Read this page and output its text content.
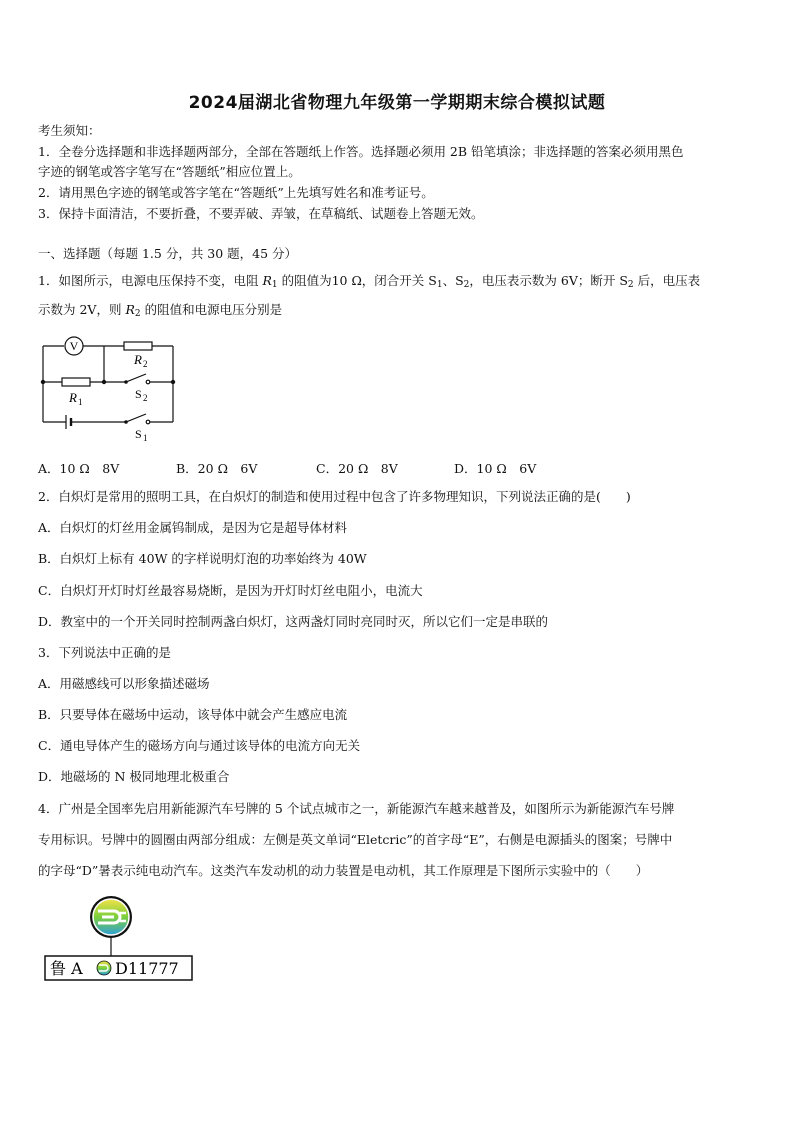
2024届湖北省物理九年级第一学期期末综合模拟试题
考生须知：
1．全卷分选择题和非选择题两部分，全部在答题纸上作答。选择题必须用 2B 铅笔填涂；非选择题的答案必须用黑色
字迹的钢笔或答字笔写在“答题纸”相应位置上。
2．请用黑色字迹的钢笔或答字笔在“答题纸”上先填写姓名和准考证号。
3．保持卡面清洁，不要折叠，不要弄破、弄皱，在草稿纸、试题卷上答题无效。
一、选择题（每题 1.5 分，共 30 题，45 分）
1．如图所示，电源电压保持不变，电阻 $R_1$ 的阻值为10 Ω，闭合开关 $S_1$、$S_2$，电压表示数为 6V；断开 $S_2$ 后，电压表
示数为 2V，则 $R_2$ 的阻值和电源电压分别是
V
R 2
R 1
S 2
S 1
A．10 Ω　8V	B．20 Ω　6V	C．20 Ω　8V	D．10 Ω　6V
2．白炽灯是常用的照明工具，在白炽灯的制造和使用过程中包含了许多物理知识，下列说法正确的是(　　)
A．白炽灯的灯丝用金属钨制成，是因为它是超导体材料
B．白炽灯上标有 40W 的字样说明灯泡的功率始终为 40W
C．白炽灯开灯时灯丝最容易烧断，是因为开灯时灯丝电阻小，电流大
D．教室中的一个开关同时控制两盏白炽灯，这两盏灯同时亮同时灭，所以它们一定是串联的
3．下列说法中正确的是
A．用磁感线可以形象描述磁场
B．只要导体在磁场中运动，该导体中就会产生感应电流
C．通电导体产生的磁场方向与通过该导体的电流方向无关
D．地磁场的 N 极同地理北极重合
4．广州是全国率先启用新能源汽车号牌的 5 个试点城市之一，新能源汽车越来越普及，如图所示为新能源汽车号牌
专用标识。号牌中的圆圈由两部分组成：左侧是英文单词“Eletcric”的首字母“E”，右侧是电源插头的图案；号牌中
的字母“D”暑表示纯电动汽车。这类汽车发动机的动力装置是电动机，其工作原理是下图所示实验中的（　　）
鲁 A D11777
